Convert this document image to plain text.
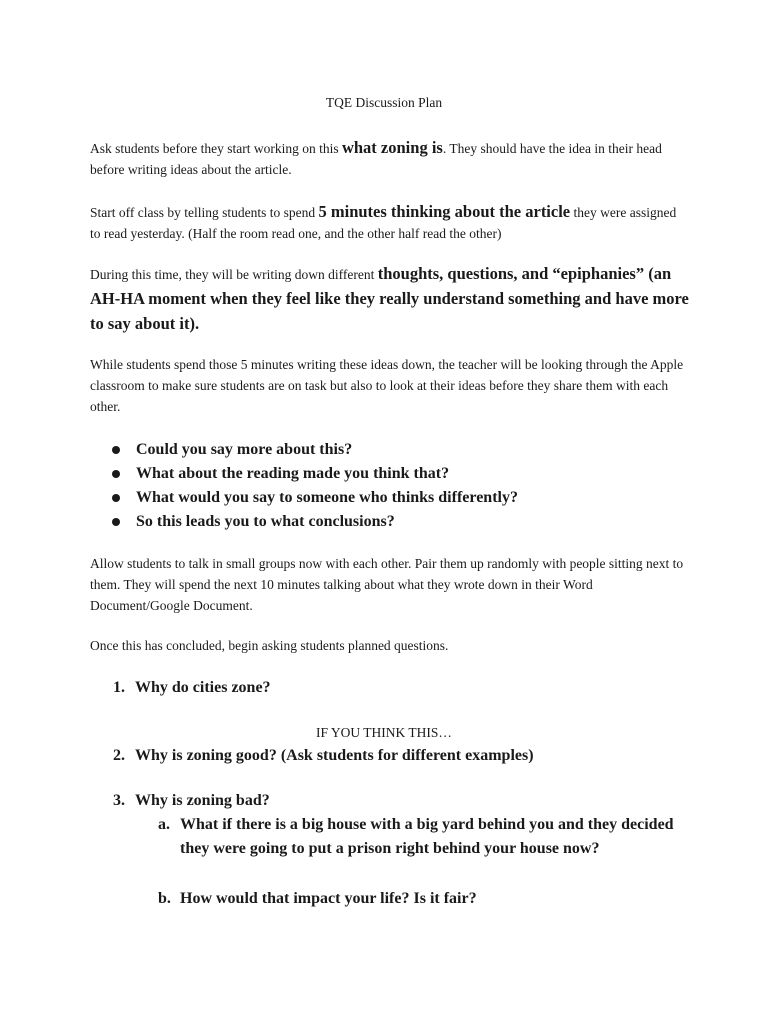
TQE Discussion Plan
Ask students before they start working on this what zoning is. They should have the idea in their head before writing ideas about the article.
Start off class by telling students to spend 5 minutes thinking about the article they were assigned to read yesterday. (Half the room read one, and the other half read the other)
During this time, they will be writing down different thoughts, questions, and “epiphanies” (an AH-HA moment when they feel like they really understand something and have more to say about it).
While students spend those 5 minutes writing these ideas down, the teacher will be looking through the Apple classroom to make sure students are on task but also to look at their ideas before they share them with each other.
Could you say more about this?
What about the reading made you think that?
What would you say to someone who thinks differently?
So this leads you to what conclusions?
Allow students to talk in small groups now with each other. Pair them up randomly with people sitting next to them. They will spend the next 10 minutes talking about what they wrote down in their Word Document/Google Document.
Once this has concluded, begin asking students planned questions.
1. Why do cities zone?
IF YOU THINK THIS…
2. Why is zoning good? (Ask students for different examples)
3. Why is zoning bad?
a. What if there is a big house with a big yard behind you and they decided they were going to put a prison right behind your house now?
b. How would that impact your life? Is it fair?
